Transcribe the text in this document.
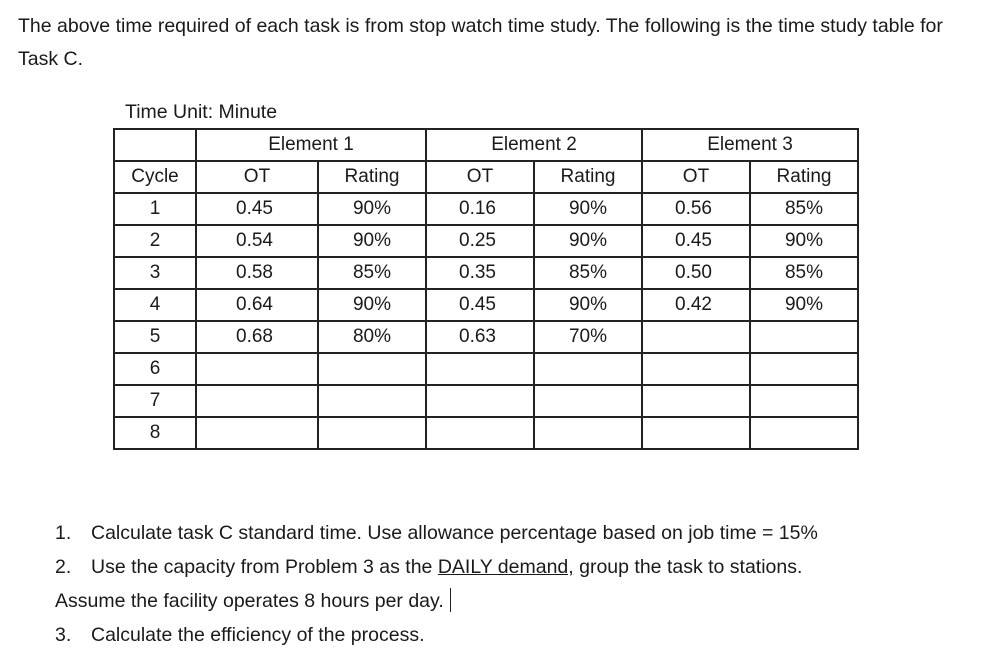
The above time required of each task is from stop watch time study. The following is the time study table for Task C.
Time Unit: Minute
	Element 1		Element 2		Element 3	
Cycle	OT	Rating	OT	Rating	OT	Rating
1	0.45	90%	0.16	90%	0.56	85%
2	0.54	90%	0.25	90%	0.45	90%
3	0.58	85%	0.35	85%	0.50	85%
4	0.64	90%	0.45	90%	0.42	90%
5	0.68	80%	0.63	70%		
6						
7						
8						
1. Calculate task C standard time. Use allowance percentage based on job time = 15%
2. Use the capacity from Problem 3 as the DAILY demand, group the task to stations.
Assume the facility operates 8 hours per day.
3. Calculate the efficiency of the process.
